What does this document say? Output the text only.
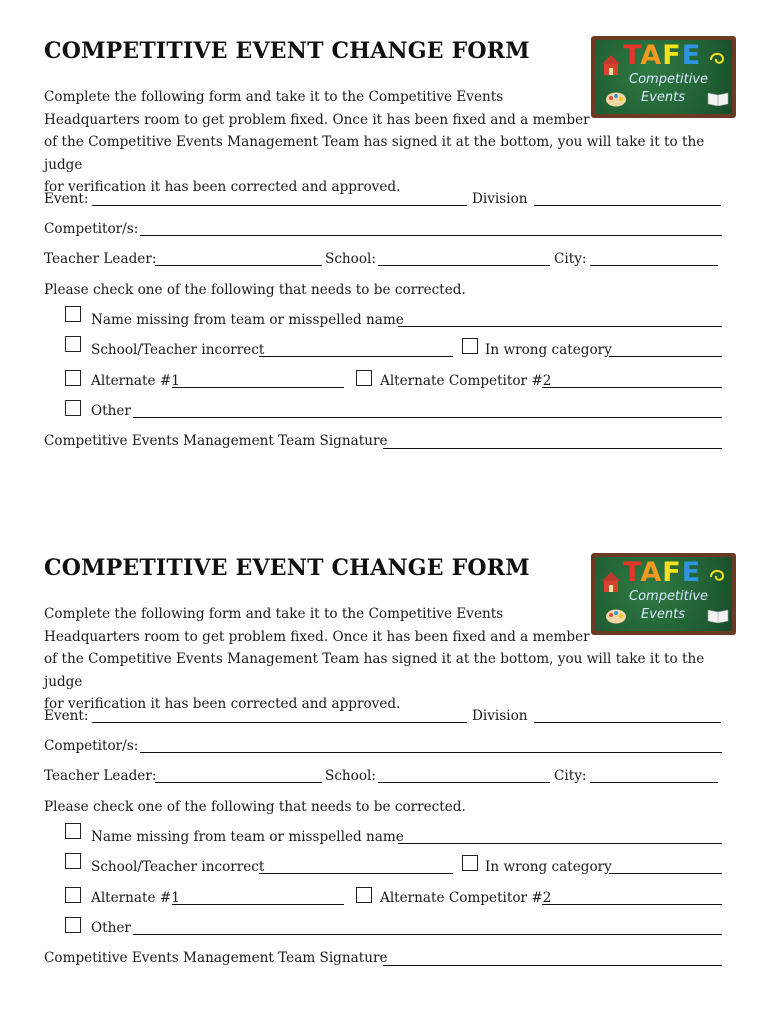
COMPETITIVE EVENT CHANGE FORM	TAFE
Competitive
Events
Complete the following form and take it to the Competitive Events
Headquarters room to get problem fixed. Once it has been fixed and a member
of the Competitive Events Management Team has signed it at the bottom, you will take it to the judge
for verification it has been corrected and approved.
Event:	Division
Competitor/s:
Teacher Leader:	School:	City:
Please check one of the following that needs to be corrected.
Name missing from team or misspelled name
School/Teacher incorrect	In wrong category
Alternate #1	Alternate Competitor #2
Other
Competitive Events Management Team Signature
COMPETITIVE EVENT CHANGE FORM	TAFE
Competitive
Events
Complete the following form and take it to the Competitive Events
Headquarters room to get problem fixed. Once it has been fixed and a member
of the Competitive Events Management Team has signed it at the bottom, you will take it to the judge
for verification it has been corrected and approved.
Event:	Division
Competitor/s:
Teacher Leader:	School:	City:
Please check one of the following that needs to be corrected.
Name missing from team or misspelled name
School/Teacher incorrect	In wrong category
Alternate #1	Alternate Competitor #2
Other
Competitive Events Management Team Signature
